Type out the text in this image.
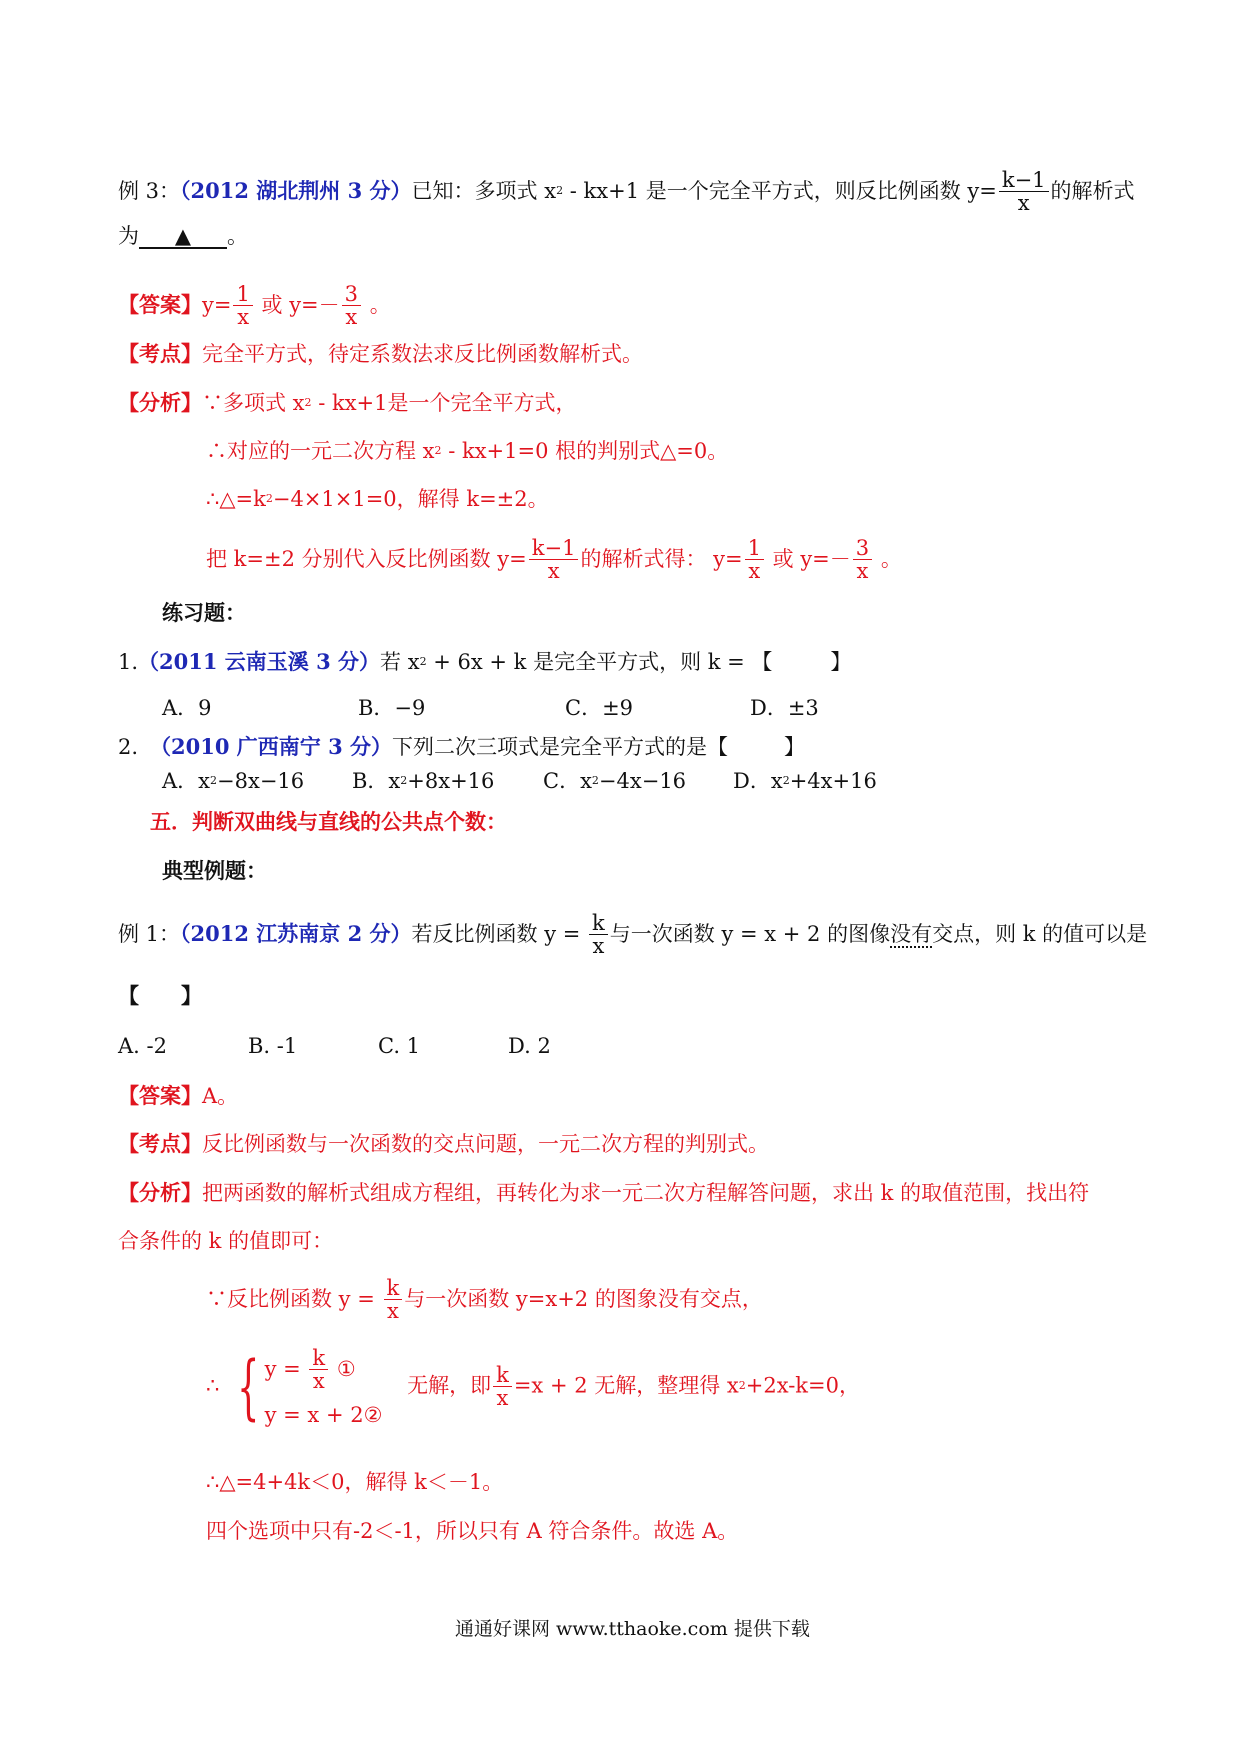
例 3：（2012 湖北荆州 3 分）已知：多项式 $x^2 - kx+1$ 是一个完全平方式，则反比例函数 $y= \frac{k-1}{x}$ 的解析式
为 ▲ 。
【答案】$y= \frac{1}{x}$ 或 $y=- \frac{3}{x}$ 。
【考点】完全平方式，待定系数法求反比例函数解析式。
【分析】∵多项式 $x^2 - kx+1$是一个完全平方式，
∴对应的一元二次方程 $x^2 - kx+1=0$ 根的判别式△=0。
$\therefore\triangle=k^2-4\times 1\times 1=0$，解得 k=±2。
把 k=±2 分别代入反比例函数 $y= \frac{k-1}{x}$ 的解析式得： $y= \frac{1}{x}$ 或 $y=- \frac{3}{x}$ 。
练习题：
1.（2011 云南玉溪 3 分）若 $x^2 + 6x + k$ 是完全平方式，则 k = 【	】
A．9	B．−9	C．±9	D．±3
2. （2010 广西南宁 3 分）下列二次三项式是完全平方式的是【	】
A．$x^2-8x-16$ B．$x^2+8x+16$ C．$x^2-4x-16$ D．$x^2+4x+16$
五．判断双曲线与直线的公共点个数：
典型例题：
例 1：（2012 江苏南京 2 分）若反比例函数 $y = \frac{k}{x}$ 与一次函数 y = x + 2 的图像没有交点，则 k 的值可以是
【　　】
A. -2	B. -1	C. 1	D. 2
【答案】A。
【考点】反比例函数与一次函数的交点问题，一元二次方程的判别式。
【分析】把两函数的解析式组成方程组，再转化为求一元二次方程解答问题，求出 k 的取值范围，找出符
合条件的 k 的值即可：
∵反比例函数 $y = \frac{k}{x}$ 与一次函数 y=x+2 的图象没有交点，
∴ { $y = \frac{k}{x}$ ①
y = x + 2②
无解，即 $\frac{k}{x} =x + 2$ 无解，整理得 $x^2+2x-k=0$，
∴△=4+4k＜0，解得 k＜－1。
四个选项中只有-2＜-1，所以只有 A 符合条件。故选 A。
通通好课网 www.tthaoke.com 提供下载
